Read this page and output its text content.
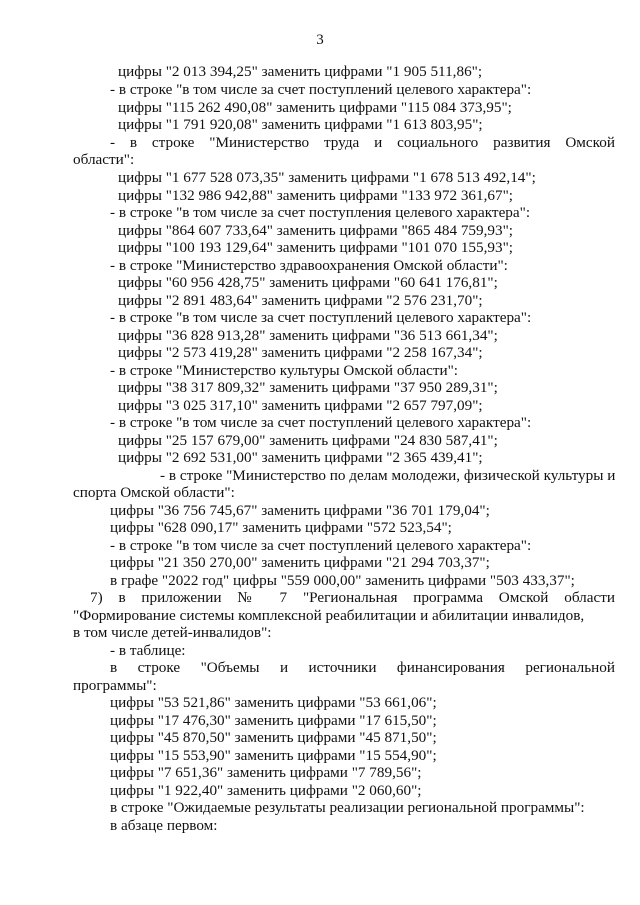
3
цифры "2 013 394,25" заменить цифрами "1 905 511,86";
- в строке "в том числе за счет поступлений целевого характера":
цифры "115 262 490,08" заменить цифрами "115 084 373,95";
цифры "1 791 920,08" заменить цифрами "1 613 803,95";
- в строке "Министерство труда и социального развития Омской
области":
цифры "1 677 528 073,35" заменить цифрами "1 678 513 492,14";
цифры "132 986 942,88" заменить цифрами "133 972 361,67";
- в строке "в том числе за счет поступления целевого характера":
цифры "864 607 733,64" заменить цифрами "865 484 759,93";
цифры "100 193 129,64" заменить цифрами "101 070 155,93";
- в строке "Министерство здравоохранения Омской области":
цифры "60 956 428,75" заменить цифрами "60 641 176,81";
цифры "2 891 483,64" заменить цифрами "2 576 231,70";
- в строке "в том числе за счет поступлений целевого характера":
цифры "36 828 913,28" заменить цифрами "36 513 661,34";
цифры "2 573 419,28" заменить цифрами "2 258 167,34";
- в строке "Министерство культуры Омской области":
цифры "38 317 809,32" заменить цифрами "37 950 289,31";
цифры "3 025 317,10" заменить цифрами "2 657 797,09";
- в строке "в том числе за счет поступлений целевого характера":
цифры "25 157 679,00" заменить цифрами "24 830 587,41";
цифры "2 692 531,00" заменить цифрами "2 365 439,41";
- в строке "Министерство по делам молодежи, физической культуры и
спорта Омской области":
цифры "36 756 745,67" заменить цифрами "36 701 179,04";
цифры "628 090,17" заменить цифрами "572 523,54";
- в строке "в том числе за счет поступлений целевого характера":
цифры "21 350 270,00" заменить цифрами "21 294 703,37";
в графе "2022 год" цифры "559 000,00" заменить цифрами "503 433,37";
7) в приложении № 7 "Региональная программа Омской области
"Формирование системы комплексной реабилитации и абилитации инвалидов,
в том числе детей-инвалидов":
- в таблице:
в строке "Объемы и источники финансирования региональной
программы":
цифры "53 521,86" заменить цифрами "53 661,06";
цифры "17 476,30" заменить цифрами "17 615,50";
цифры "45 870,50" заменить цифрами "45 871,50";
цифры "15 553,90" заменить цифрами "15 554,90";
цифры "7 651,36" заменить цифрами "7 789,56";
цифры "1 922,40" заменить цифрами "2 060,60";
в строке "Ожидаемые результаты реализации региональной программы":
в абзаце первом:
